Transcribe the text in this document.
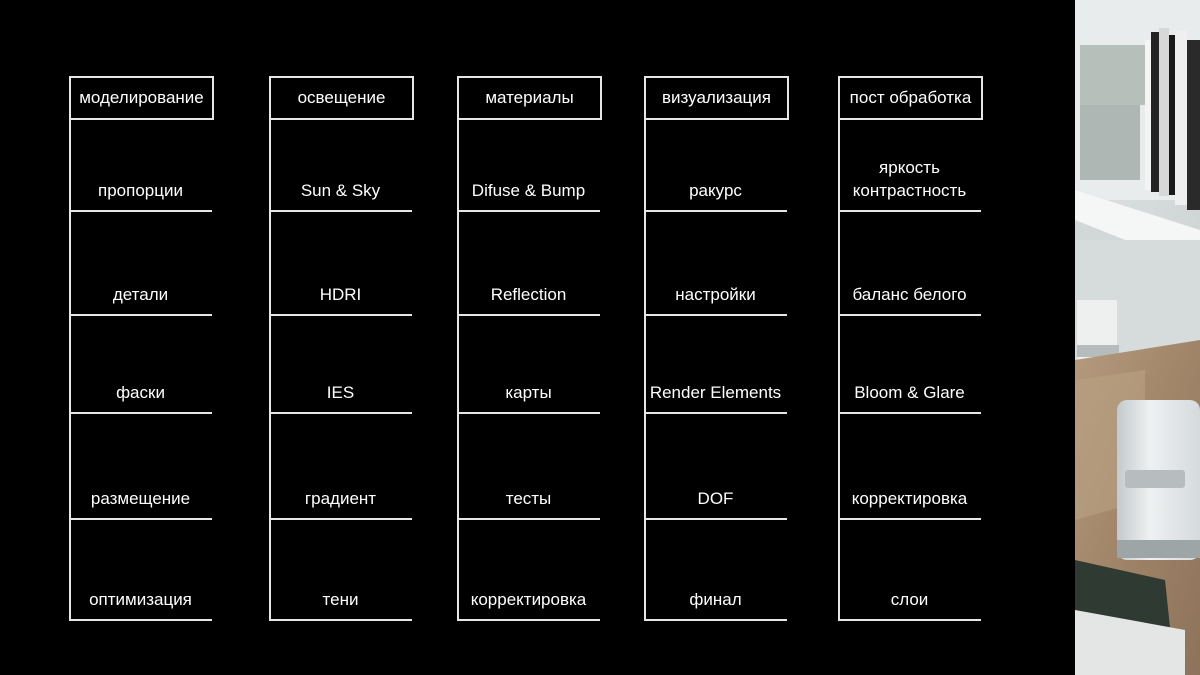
моделирование
пропорции
детали
фаски
размещение
оптимизация
освещение
Sun & Sky
HDRI
IES
градиент
тени
материалы
Difuse & Bump
Reflection
карты
тесты
корректировка
визуализация
ракурс
настройки
Render Elements
DOF
финал
пост обработка
яркость
контрастность
баланс белого
Bloom & Glare
корректировка
слои
